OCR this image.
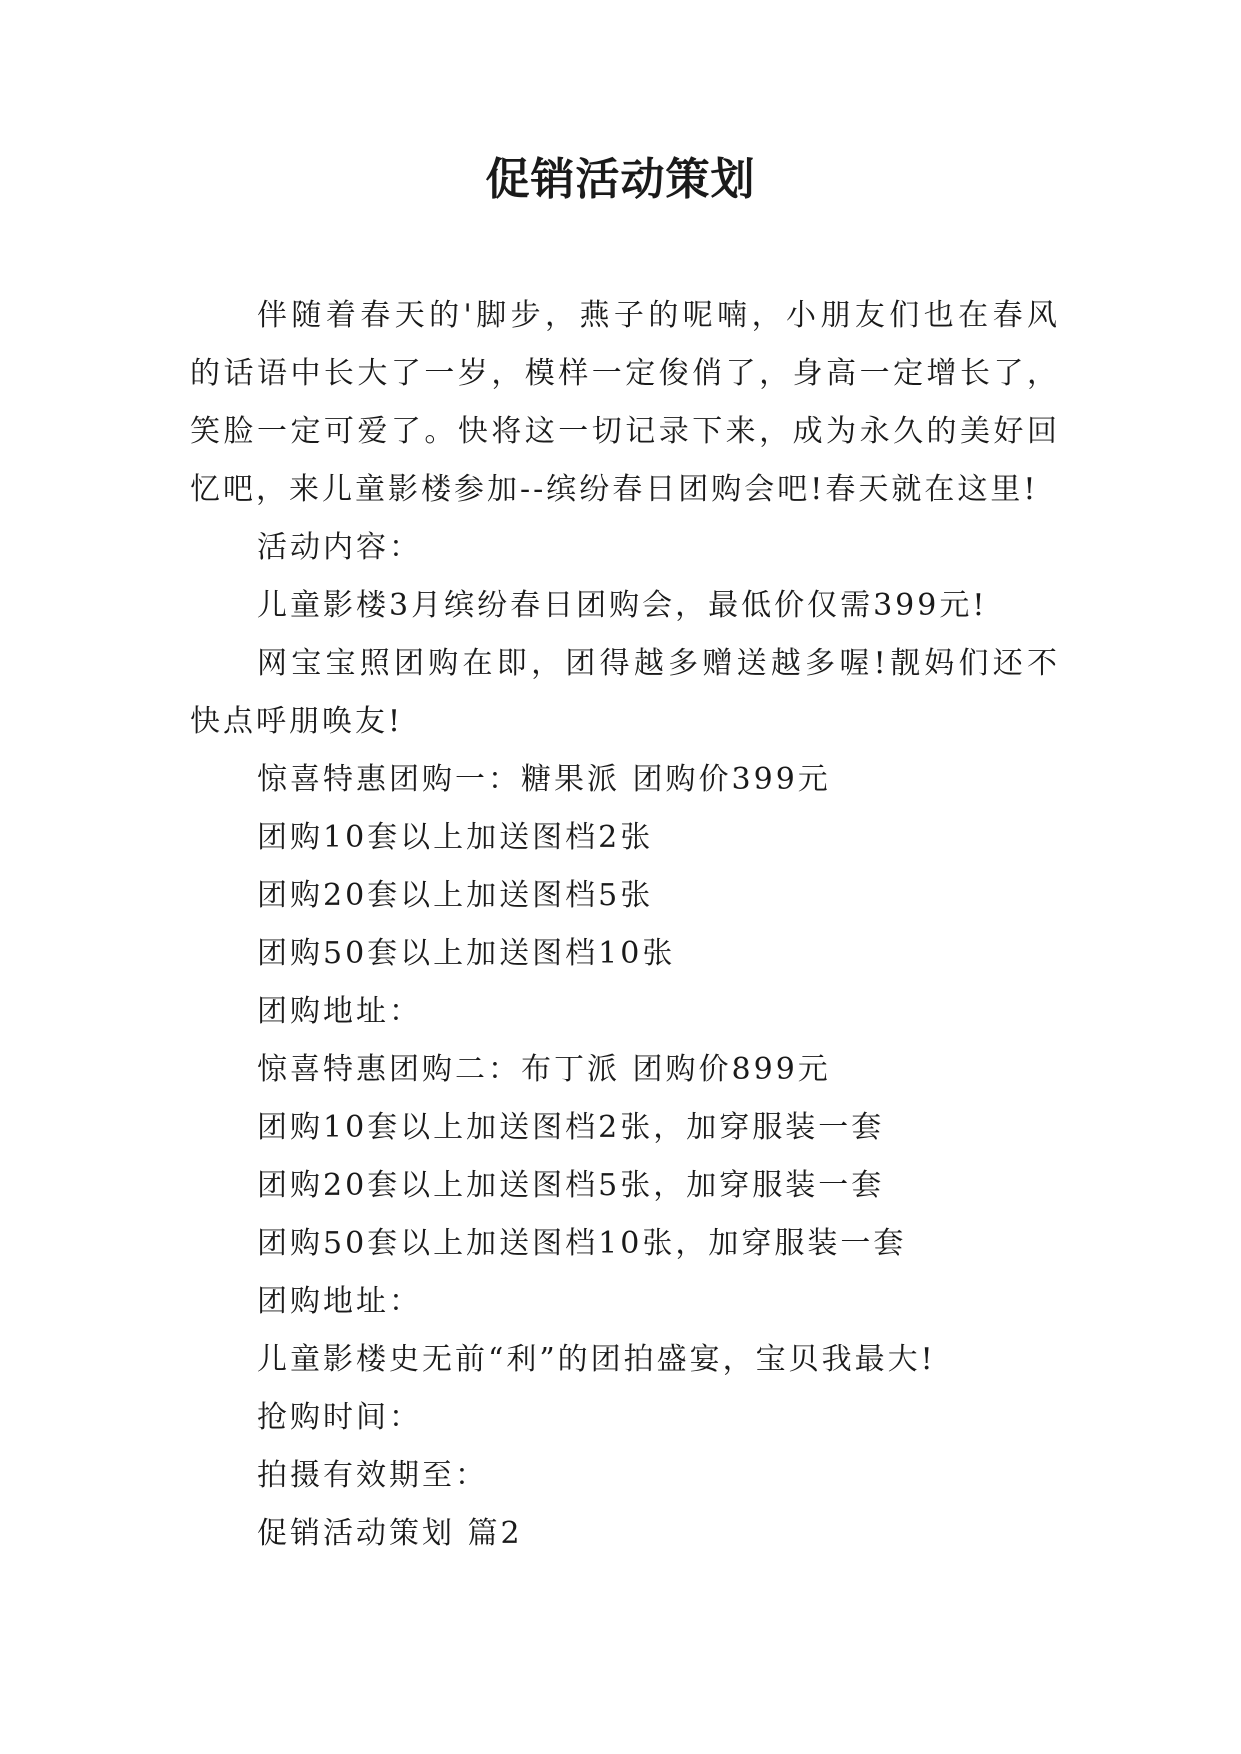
促销活动策划

伴随着春天的'脚步，燕子的呢喃，小朋友们也在春风的话语中长大了一岁，模样一定俊俏了，身高一定增长了，笑脸一定可爱了。快将这一切记录下来，成为永久的美好回忆吧，来儿童影楼参加--缤纷春日团购会吧!春天就在这里!

活动内容：

儿童影楼3月缤纷春日团购会，最低价仅需399元!

网宝宝照团购在即，团得越多赠送越多喔!靓妈们还不快点呼朋唤友!

惊喜特惠团购一：糖果派 团购价399元

团购10套以上加送图档2张

团购20套以上加送图档5张

团购50套以上加送图档10张

团购地址：

惊喜特惠团购二：布丁派 团购价899元

团购10套以上加送图档2张，加穿服装一套

团购20套以上加送图档5张，加穿服装一套

团购50套以上加送图档10张，加穿服装一套

团购地址：

儿童影楼史无前“利”的团拍盛宴，宝贝我最大!

抢购时间：

拍摄有效期至：

促销活动策划 篇2
